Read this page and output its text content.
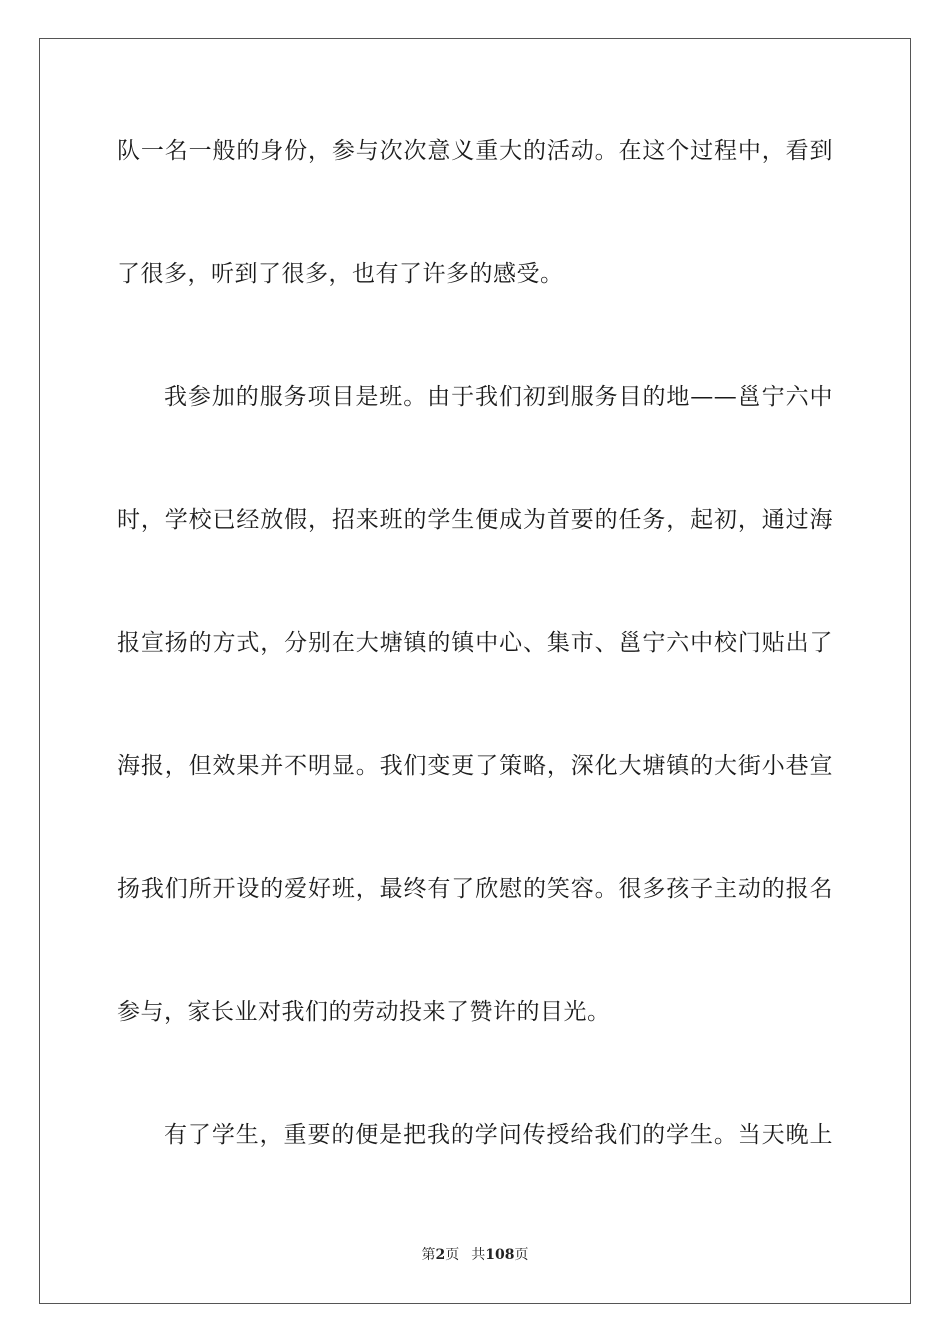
队一名一般的身份，参与次次意义重大的活动。在这个过程中，看到
了很多，听到了很多，也有了许多的感受。
我参加的服务项目是班。由于我们初到服务目的地——邕宁六中
时，学校已经放假，招来班的学生便成为首要的任务，起初，通过海
报宣扬的方式，分别在大塘镇的镇中心、集市、邕宁六中校门贴出了
海报，但效果并不明显。我们变更了策略，深化大塘镇的大街小巷宣
扬我们所开设的爱好班，最终有了欣慰的笑容。很多孩子主动的报名
参与，家长业对我们的劳动投来了赞许的目光。
有了学生，重要的便是把我的学问传授给我们的学生。当天晚上
第2页 共108页
